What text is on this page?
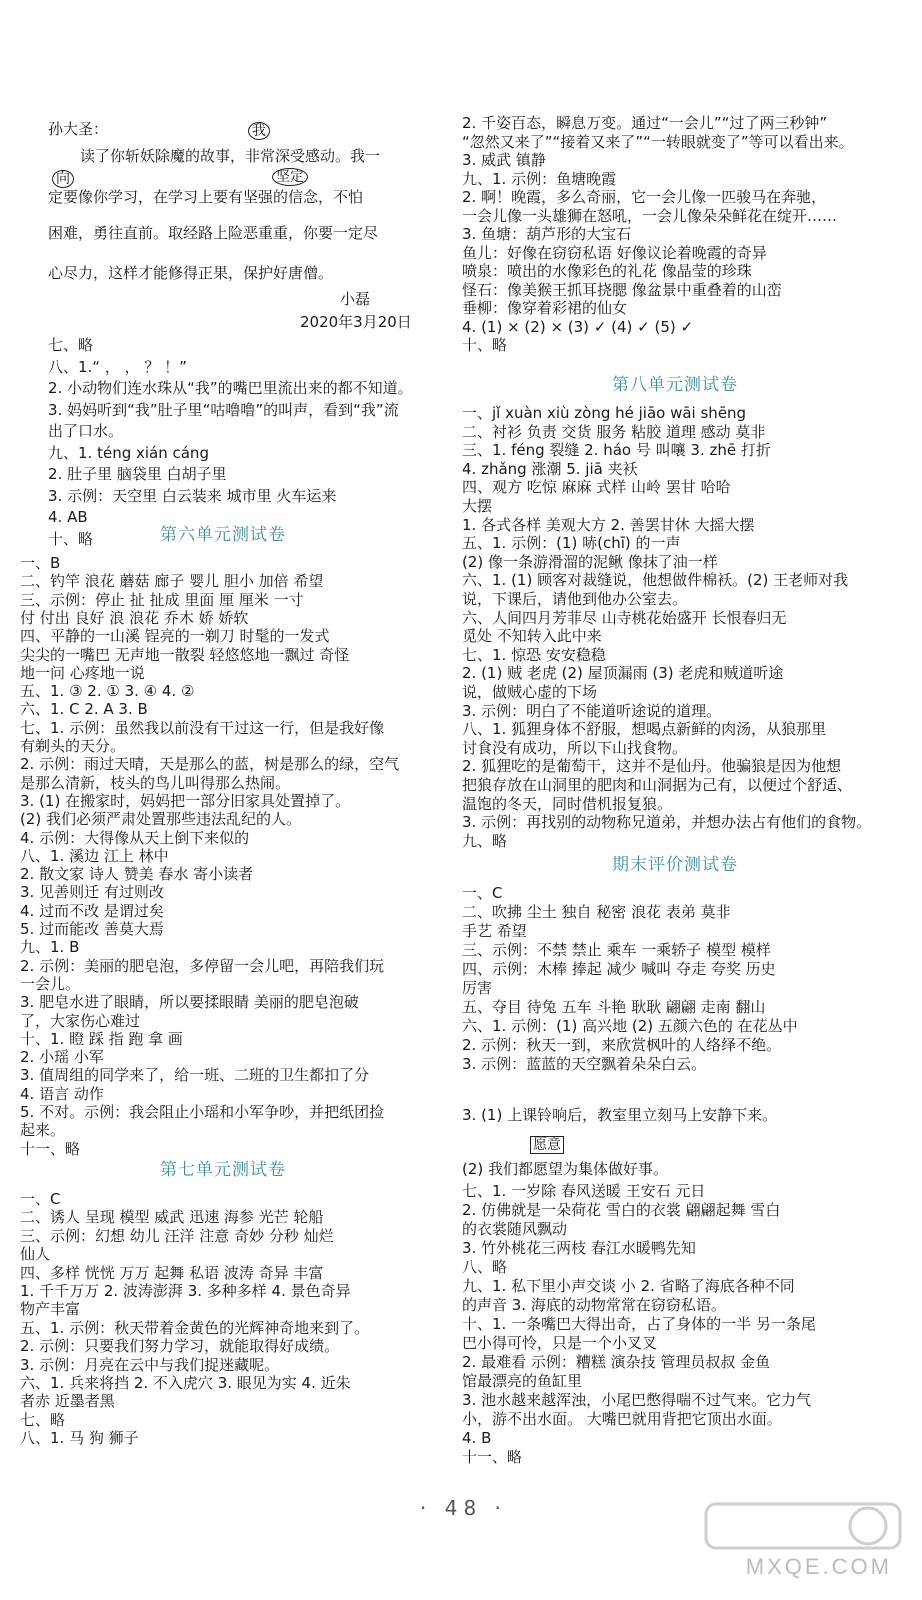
孙大圣：	我
读了你斩妖除魔的故事，非常深受感动。我一
向	坚定
定要像你学习，在学习上要有坚强的信念，不怕
困难，勇往直前。取经路上险恶重重，你要一定尽
心尽力，这样才能修得正果，保护好唐僧。
小磊
2020年3月20日
七、略
八、1.“ ， ， ？ ！”
2. 小动物们连水珠从“我”的嘴巴里流出来的都不知道。
3. 妈妈听到“我”肚子里“咕噜噜”的叫声，看到“我”流
出了口水。
九、1. téng xián cáng
2. 肚子里 脑袋里 白胡子里
3. 示例：天空里 白云装来 城市里 火车运来
4. AB
十、略	第六单元测试卷
一、B
二、钓竿 浪花 蘑菇 廊子 婴儿 胆小 加倍 希望
三、示例：停止 扯 扯成 里面 厘 厘米 一寸
付 付出 良好 浪 浪花 乔木 娇 娇软
四、平静的一山溪 锃亮的一剃刀 时髦的一发式
尖尖的一嘴巴 无声地一散裂 轻悠悠地一飘过 奇怪
地一问 心疼地一说
五、1. ③ 2. ① 3. ④ 4. ②
六、1. C 2. A 3. B
七、1. 示例：虽然我以前没有干过这一行，但是我好像
有剃头的天分。
2. 示例：雨过天晴，天是那么的蓝，树是那么的绿，空气
是那么清新，枝头的鸟儿叫得那么热闹。
3. (1) 在搬家时，妈妈把一部分旧家具处置掉了。
(2) 我们必须严肃处置那些违法乱纪的人。
4. 示例：大得像从天上倒下来似的
八、1. 溪边 江上 林中
2. 散文家 诗人 赞美 春水 寄小读者
3. 见善则迁 有过则改
4. 过而不改 是谓过矣
5. 过而能改 善莫大焉
九、1. B
2. 示例：美丽的肥皂泡，多停留一会儿吧，再陪我们玩
一会儿。
3. 肥皂水进了眼睛，所以要揉眼睛 美丽的肥皂泡破
了，大家伤心难过
十、1. 瞪 踩 指 跑 拿 画
2. 小瑶 小军
3. 值周组的同学来了，给一班、二班的卫生都扣了分
4. 语言 动作
5. 不对。示例：我会阻止小瑶和小军争吵，并把纸团捡
起来。
十一、略
第七单元测试卷
一、C
二、诱人 呈现 模型 威武 迅速 海参 光芒 轮船
三、示例：幻想 幼儿 汪洋 注意 奇妙 分秒 灿烂
仙人
四、多样 恍恍 万万 起舞 私语 波涛 奇异 丰富
1. 千千万万 2. 波涛澎湃 3. 多种多样 4. 景色奇异
物产丰富
五、1. 示例：秋天带着金黄色的光辉神奇地来到了。
2. 示例：只要我们努力学习，就能取得好成绩。
3. 示例：月亮在云中与我们捉迷藏呢。
六、1. 兵来将挡 2. 不入虎穴 3. 眼见为实 4. 近朱
者赤 近墨者黑
七、略
八、1. 马 狗 狮子
2. 千姿百态，瞬息万变。通过“一会儿”“过了两三秒钟”
“忽然又来了”“接着又来了”“一转眼就变了”等可以看出来。
3. 威武 镇静
九、1. 示例：鱼塘晚霞
2. 啊！晚霞，多么奇丽，它一会儿像一匹骏马在奔驰，
一会儿像一头雄狮在怒吼，一会儿像朵朵鲜花在绽开……
3. 鱼塘：葫芦形的大宝石
鱼儿：好像在窃窃私语 好像议论着晚霞的奇异
喷泉：喷出的水像彩色的礼花 像晶莹的珍珠
怪石：像美猴王抓耳挠腮 像盆景中重叠着的山峦
垂柳：像穿着彩裙的仙女
4. (1) × (2) × (3) ✓ (4) ✓ (5) ✓
十、略
第八单元测试卷
一、jǐ xuàn xiù zòng hé jiāo wāi shēng
二、衬衫 负责 交货 服务 粘胶 道理 感动 莫非
三、1. féng 裂缝 2. háo 号 叫嚷 3. zhē 打折
4. zhǎng 涨潮 5. jiā 夹袄
四、观方 吃惊 麻麻 式样 山岭 罢甘 哈哈
大摆
1. 各式各样 美观大方 2. 善罢甘休 大摇大摆
五、1. 示例：(1) 哧(chī) 的一声
(2) 像一条游滑溜的泥鳅 像抹了油一样
六、1. (1) 顾客对裁缝说，他想做件棉袄。(2) 王老师对我
说，下课后，请他到他办公室去。
六、人间四月芳菲尽 山寺桃花始盛开 长恨春归无
觅处 不知转入此中来
七、1. 惊恐 安安稳稳
2. (1) 贼 老虎 (2) 屋顶漏雨 (3) 老虎和贼道听途
说，做贼心虚的下场
3. 示例：明白了不能道听途说的道理。
八、1. 狐狸身体不舒服，想喝点新鲜的肉汤，从狼那里
讨食没有成功，所以下山找食物。
2. 狐狸吃的是葡萄干，这并不是仙丹。他骗狼是因为他想
把狼存放在山洞里的肥肉和山洞据为己有，以便过个舒适、
温饱的冬天，同时借机报复狼。
3. 示例：再找别的动物称兄道弟，并想办法占有他们的食物。
九、略
期末评价测试卷
一、C
二、吹拂 尘土 独自 秘密 浪花 表弟 莫非
手艺 希望
三、示例：不禁 禁止 乘车 一乘轿子 模型 模样
四、示例：木棒 捧起 减少 喊叫 夺走 夸奖 历史
厉害
五、夺目 待兔 五车 斗艳 耿耿 翩翩 走南 翻山
六、1. 示例：(1) 高兴地 (2) 五颜六色的 在花丛中
2. 示例：秋天一到，来欣赏枫叶的人络绎不绝。
3. 示例：蓝蓝的天空飘着朵朵白云。
3. (1) 上课铃响后，教室里立刻马上安静下来。
愿意
(2) 我们都愿望为集体做好事。
七、1. 一岁除 春风送暖 王安石 元日
2. 仿佛就是一朵荷花 雪白的衣裳 翩翩起舞 雪白
的衣裳随风飘动
3. 竹外桃花三两枝 春江水暖鸭先知
八、略
九、1. 私下里小声交谈 小 2. 省略了海底各种不同
的声音 3. 海底的动物常常在窃窃私语。
十、1. 一条嘴巴大得出奇，占了身体的一半 另一条尾
巴小得可怜，只是一个小叉叉
2. 最难看 示例：糟糕 演杂技 管理员叔叔 金鱼
馆最漂亮的鱼缸里
3. 池水越来越浑浊，小尾巴憋得喘不过气来。它力气
小，游不出水面。 大嘴巴就用背把它顶出水面。
4. B
十一、略
· 48 ·
MXQE.COM
